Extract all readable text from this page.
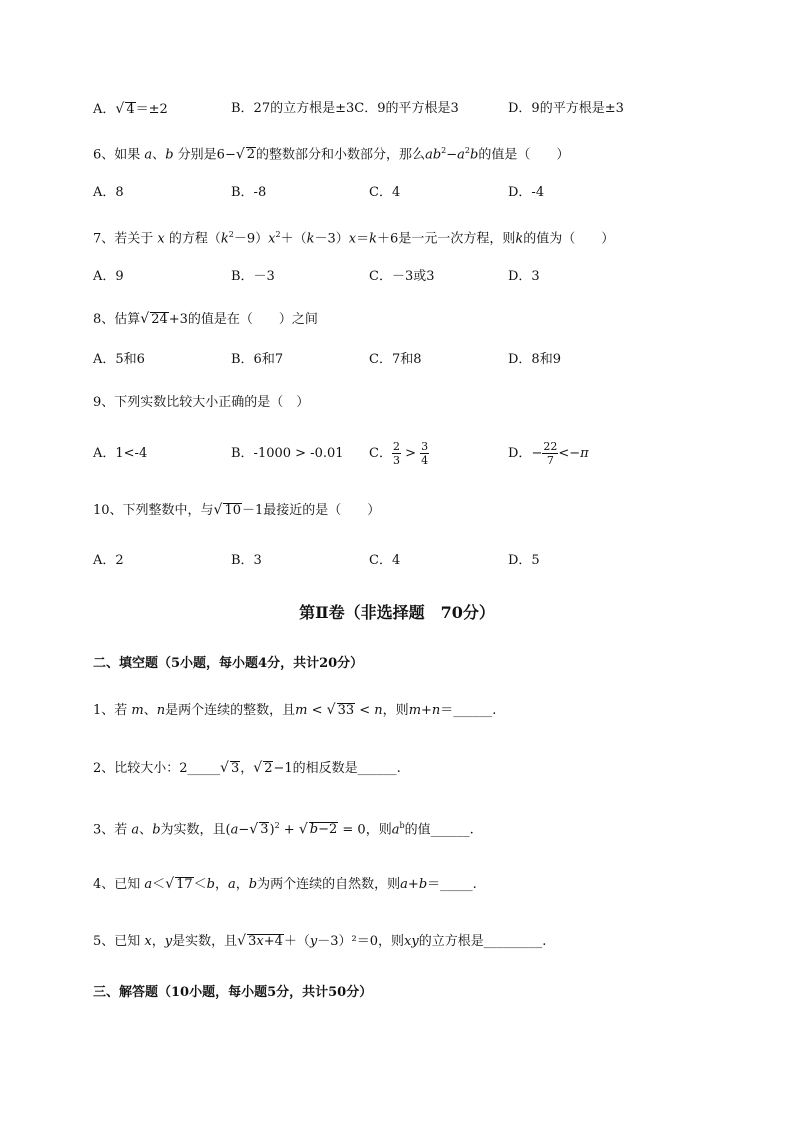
A．√ 4＝±2	B．27的立方根是±3C．9的平方根是3	D．9的平方根是±3
6、如果 a、b 分别是6−√ 2的整数部分和小数部分，那么$ab^2-a^2b$的值是（　　）
A．8	B．-8	C．4	D．-4
7、若关于 x 的方程$(k^2-9)x^2+(k-3)x=k+6$是一元一次方程，则k的值为（　　）
A．9	B．－3	C．－3或3	D．3
8、估算√ 24+3的值是在（　　）之间
A．5和6	B．6和7	C．7和8	D．8和9
9、下列实数比较大小正确的是（　）
A．1<-4	B．-1000 > -0.01 C． $\frac{2}{3} > \frac{3}{4}$	D．− $\frac{22}{7} <-\pi$
10、下列整数中，与√ 10－1最接近的是（　　）
A．2	B．3	C．4	D．5
第Ⅱ卷（非选择题　70分）
二、填空题（5小题，每小题4分，共计20分）
1、若 m、n是两个连续的整数，且m < √ 33 < n，则m+n＝______.
2、比较大小：2_____√ 3，√ 2−1的相反数是______.
3、若 a、b为实数，且(a−√ 3)$^2$ + √ b−2 = 0，则$a^b$的值______.
4、已知 a＜√ 17＜b，a，b为两个连续的自然数，则a+b＝_____.
5、已知 x，y是实数，且√ 3x+4＋（y－3）²＝0，则xy的立方根是_________.
三、解答题（10小题，每小题5分，共计50分）
